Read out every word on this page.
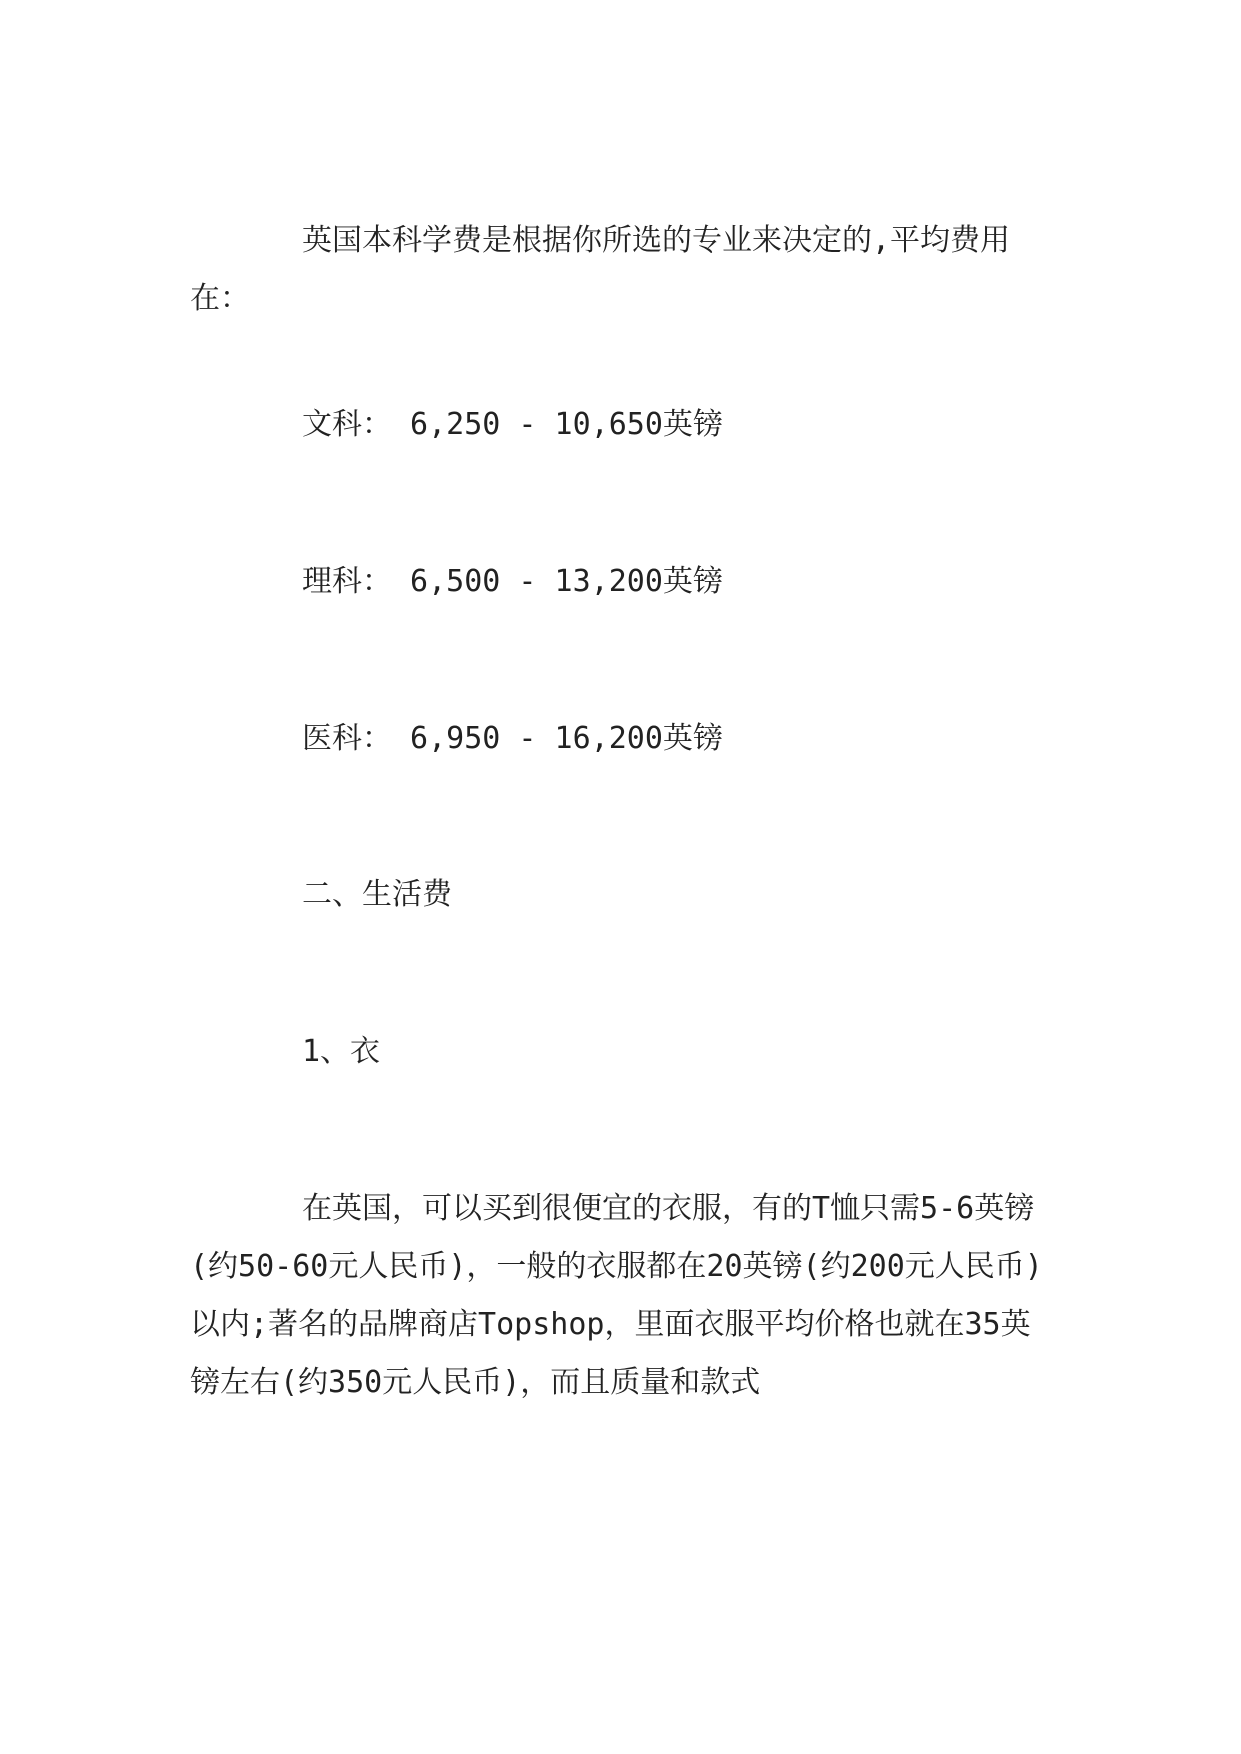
英国本科学费是根据你所选的专业来决定的,平均费用在：

文科： 6,250 - 10,650英镑

理科： 6,500 - 13,200英镑

医科： 6,950 - 16,200英镑

二、生活费

1、衣

在英国，可以买到很便宜的衣服，有的T恤只需5-6英镑(约50-60元人民币)，一般的衣服都在20英镑(约200元人民币)以内;著名的品牌商店Topshop，里面衣服平均价格也就在35英镑左右(约350元人民币)，而且质量和款式
